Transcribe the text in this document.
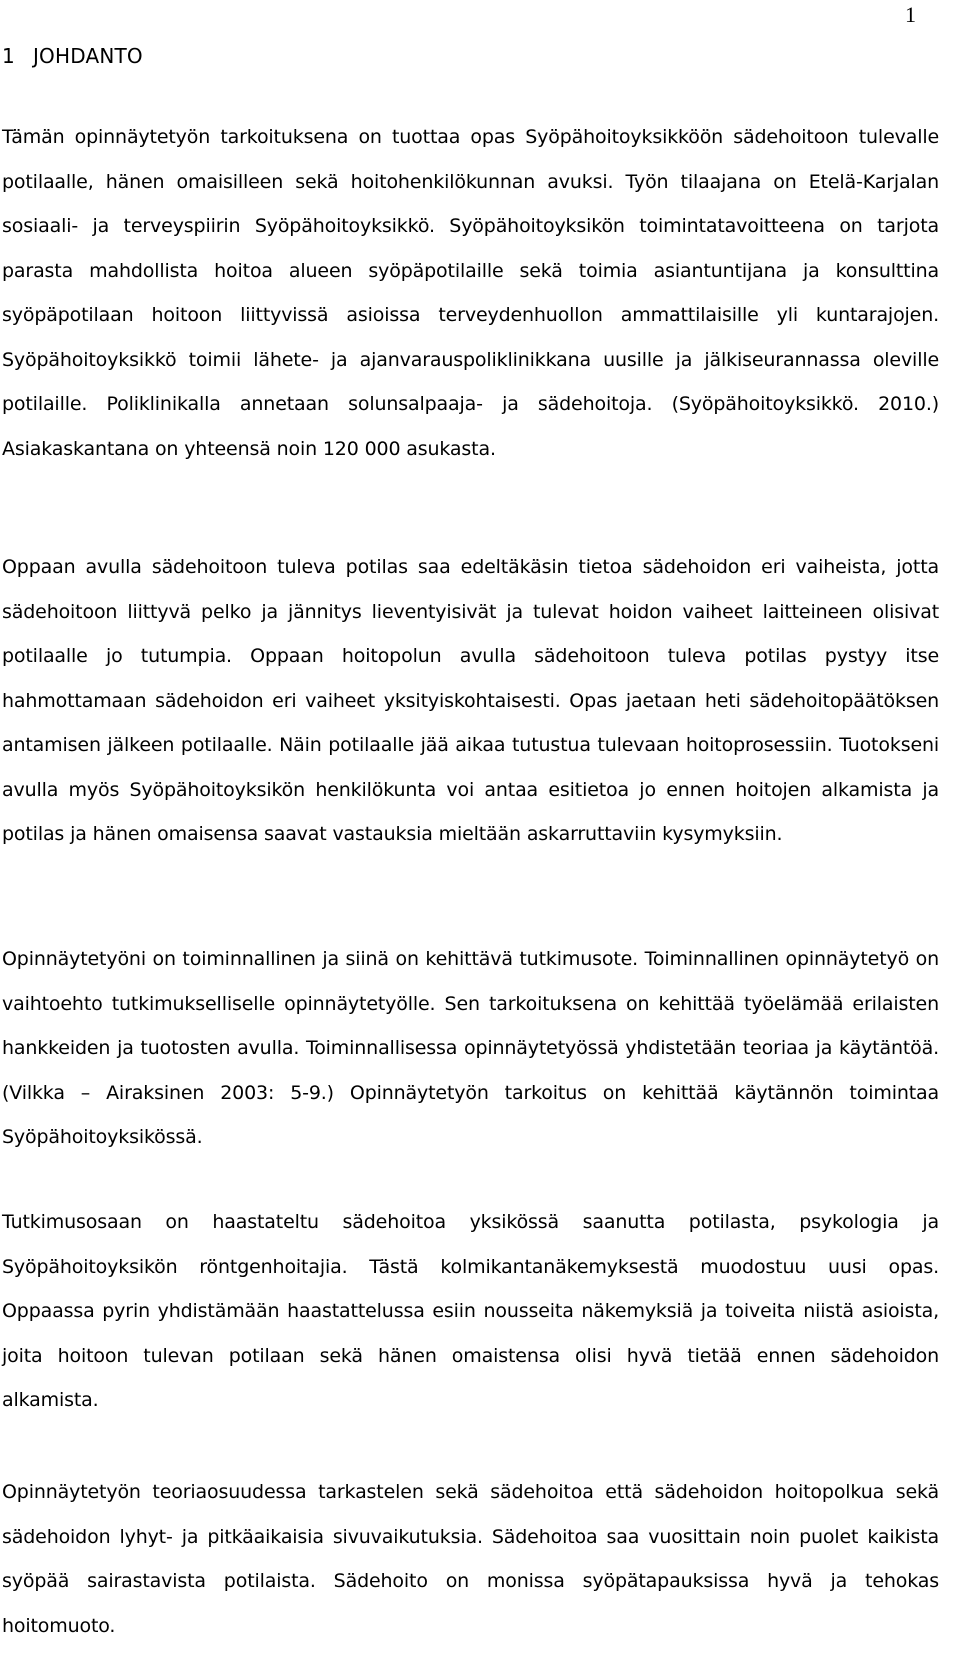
1
1 JOHDANTO

Tämän opinnäytetyön tarkoituksena on tuottaa opas Syöpähoitoyksikköön sädehoitoon tulevalle potilaalle, hänen omaisilleen sekä hoitohenkilökunnan avuksi. Työn tilaajana on Etelä-Karjalan sosiaali- ja terveyspiirin Syöpähoitoyksikkö. Syöpähoitoyksikön toimintatavoitteena on tarjota parasta mahdollista hoitoa alueen syöpäpotilaille sekä toimia asiantuntijana ja konsulttina syöpäpotilaan hoitoon liittyvissä asioissa terveydenhuollon ammattilaisille yli kuntarajojen. Syöpähoitoyksikkö toimii lähete- ja ajanvarauspoliklinikkana uusille ja jälkiseurannassa oleville potilaille. Poliklinikalla annetaan solunsalpaaja- ja sädehoitoja. (Syöpähoitoyksikkö. 2010.) Asiakaskantana on yhteensä noin 120 000 asukasta.

Oppaan avulla sädehoitoon tuleva potilas saa edeltäkäsin tietoa sädehoidon eri vaiheista, jotta sädehoitoon liittyvä pelko ja jännitys lieventyisivät ja tulevat hoidon vaiheet laitteineen olisivat potilaalle jo tutumpia. Oppaan hoitopolun avulla sädehoitoon tuleva potilas pystyy itse hahmottamaan sädehoidon eri vaiheet yksityiskohtaisesti. Opas jaetaan heti sädehoitopäätöksen antamisen jälkeen potilaalle. Näin potilaalle jää aikaa tutustua tulevaan hoitoprosessiin. Tuotokseni avulla myös Syöpähoitoyksikön henkilökunta voi antaa esitietoa jo ennen hoitojen alkamista ja potilas ja hänen omaisensa saavat vastauksia mieltään askarruttaviin kysymyksiin.

Opinnäytetyöni on toiminnallinen ja siinä on kehittävä tutkimusote. Toiminnallinen opinnäytetyö on vaihtoehto tutkimukselliselle opinnäytetyölle. Sen tarkoituksena on kehittää työelämää erilaisten hankkeiden ja tuotosten avulla. Toiminnallisessa opinnäytetyössä yhdistetään teoriaa ja käytäntöä. (Vilkka – Airaksinen 2003: 5-9.) Opinnäytetyön tarkoitus on kehittää käytännön toimintaa Syöpähoitoyksikössä.

Tutkimusosaan on haastateltu sädehoitoa yksikössä saanutta potilasta, psykologia ja Syöpähoitoyksikön röntgenhoitajia. Tästä kolmikantanäkemyksestä muodostuu uusi opas. Oppaassa pyrin yhdistämään haastattelussa esiin nousseita näkemyksiä ja toiveita niistä asioista, joita hoitoon tulevan potilaan sekä hänen omaistensa olisi hyvä tietää ennen sädehoidon alkamista.

Opinnäytetyön teoriaosuudessa tarkastelen sekä sädehoitoa että sädehoidon hoitopolkua sekä sädehoidon lyhyt- ja pitkäaikaisia sivuvaikutuksia. Sädehoitoa saa vuosittain noin puolet kaikista syöpää sairastavista potilaista. Sädehoito on monissa syöpätapauksissa hyvä ja tehokas hoitomuoto.
